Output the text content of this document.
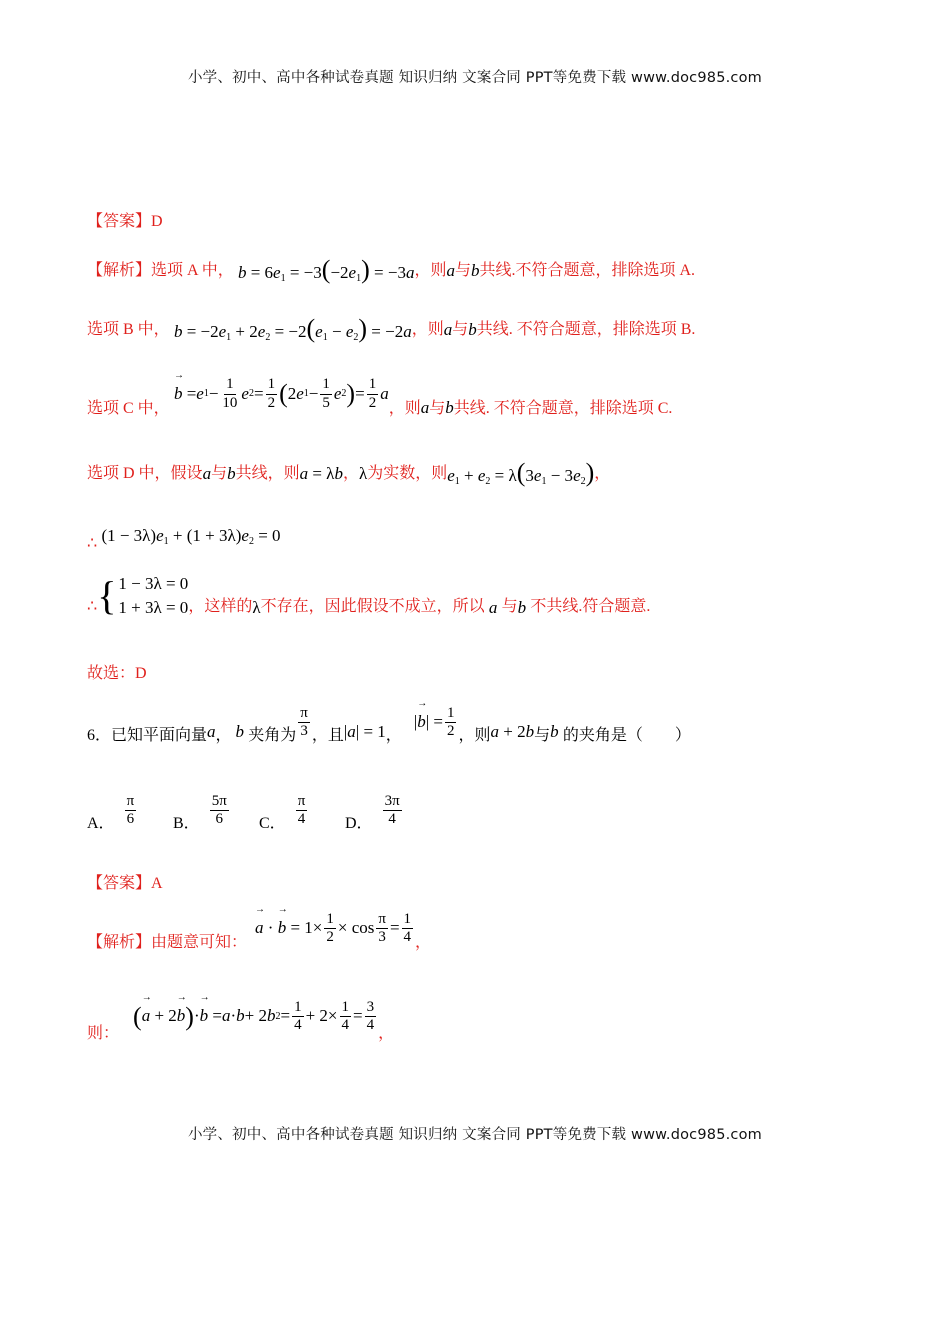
小学、初中、高中各种试卷真题 知识归纳 文案合同 PPT等免费下载 www.doc985.com
【答案】D
【解析】 选项 A 中， $b = 6e_1 = -3(-2e_1) = -3a$ ，则 a 与 b 共线.不符合题意，排除选项 A.
选项 B 中， $b = -2e_1 + 2e_2 = -2(e_1 - e_2) = -2a$ ，则 a 与 b 共线. 不符合题意，排除选项 B.
选项 C 中，

→ b = e $1 - \frac{1}{10}$ e $2 = \frac{1}{2}$ ( 2 e $1 - \frac{1}{5}$ e 2 ) = $\frac{1}{2}$ a
，则 a 与 b 共线. 不符合题意，排除选项 C.
选项 D 中，假设 a 与 b 共线，则 a = λb ， λ 为实数，则 $e_1 + e_2 = \lambda(3e_1 - 3e_2)$ ，
∴ $(1 - 3\lambda)e_1 + (1 + 3\lambda)e_2 = 0$
∴ { 1 − 3λ = 0
1 + 3λ = 0 ，这样的 λ 不存在，因此假设不成立，所以 a 与 b 不共线.符合题意.
故选：D
6．已知平面向量 a ， b 夹角为 $\frac{\pi}{3}$ ，且 |a| = 1 ，
| → b | = $\frac{1}{2}$ ，则 a + 2b 与 b 的夹角是（　　）
A． $\frac{\pi}{6}$ B． $\frac{5\pi}{6}$ C． $\frac{\pi}{4}$ D． $\frac{3\pi}{4}$
【答案】A
【解析】由题意可知：
→ a · → $b = 1\times \frac{1}{2} \times \cos \frac{\pi}{3} = \frac{1}{4}$ ，
则：
( → a + 2 → b ) · → b = a · b + 2 b $2 = \frac{1}{4} + 2\times \frac{1}{4} = \frac{3}{4}$ ，
小学、初中、高中各种试卷真题 知识归纳 文案合同 PPT等免费下载 www.doc985.com
